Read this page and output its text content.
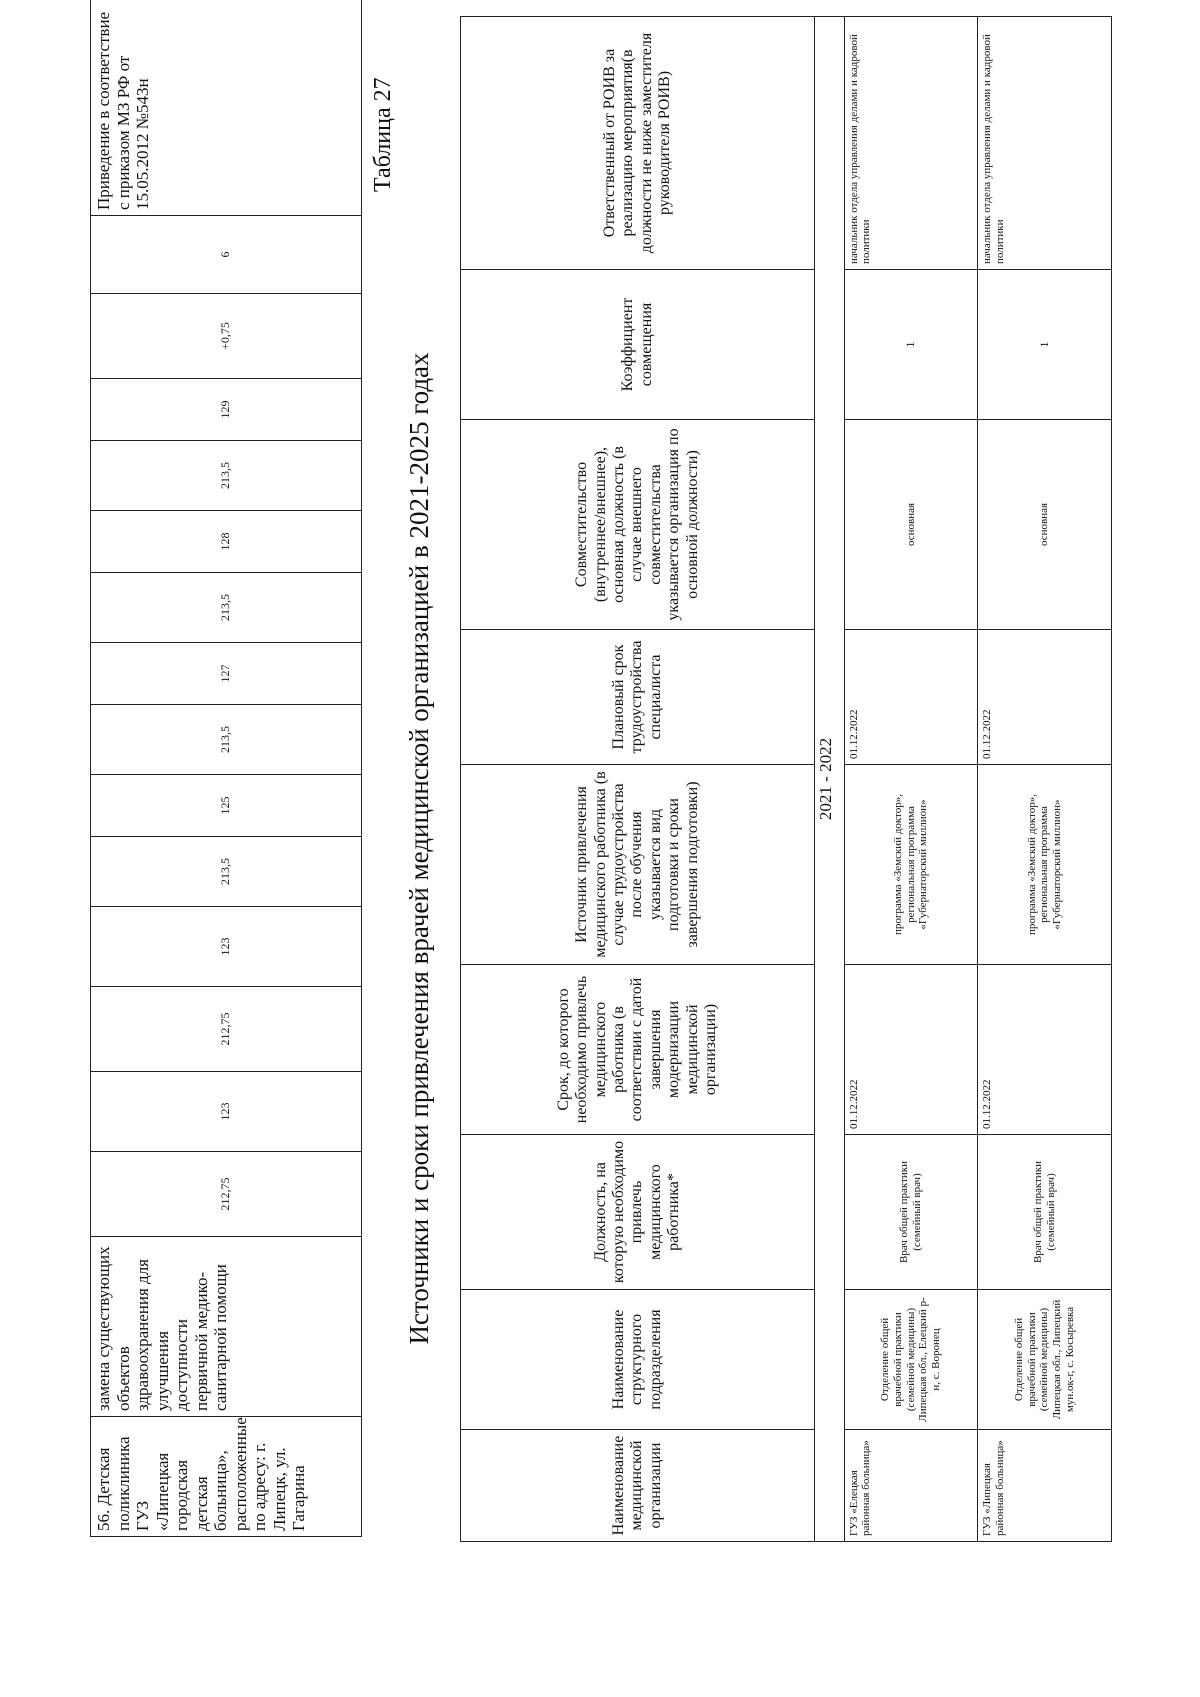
56. Детская поликлиника ГУЗ «Липецкая городская детская больница», расположенные по адресу: г. Липецк, ул. Гагарина	замена существующих объектов здравоохранения для улучшения доступности первичной медико-санитарной помощи	212,75	123	212,75	123	213,5	125	213,5	127	213,5	128	213,5	129	+0,75	6	Приведение в соответствие с приказом МЗ РФ от 15.05.2012 №543н	Таблица 27
Источники и сроки привлечения врачей медицинской организацией в 2021-2025 годах
Наименование медицинской организации	Наименование структурного подразделения	Должность, на которую необходимо привлечь медицинского работника*	Срок, до которого необходимо привлечь медицинского работника (в соответствии с датой завершения модернизации медицинской организации)	Источник привлечения медицинского работника (в случае трудоустройства после обучения указывается вид подготовки и сроки завершения подготовки)	Плановый срок трудоустройства специалиста	Совместительство (внутреннее/внешнее), основная должность (в случае внешнего совместительства указывается организация по основной должности)	Коэффициент совмещения	Ответственный от РОИВ за реализацию мероприятия(в должности не ниже заместителя руководителя РОИВ)
2021 - 2022								
ГУЗ «Елецкая районная больница»	Отделение общей врачебной практики (семейной медицины) Липецкая обл., Елецкий р-н, с. Воронец	Врач общей практики (семейный врач)	01.12.2022	программа «Земский доктор», региональная программа «Губернаторский миллион»	01.12.2022	основная	1	начальник отдела управления делами и кадровой политики
ГУЗ «Липецкая районная больница»	Отделение общей врачебной практики (семейной медицины) Липецкая обл., Липецкий мун.ок-г, с. Косыревка	Врач общей практики (семейный врач)	01.12.2022	программа «Земский доктор», региональная программа «Губернаторский миллион»	01.12.2022	основная	1	начальник отдела управления делами и кадровой политики
